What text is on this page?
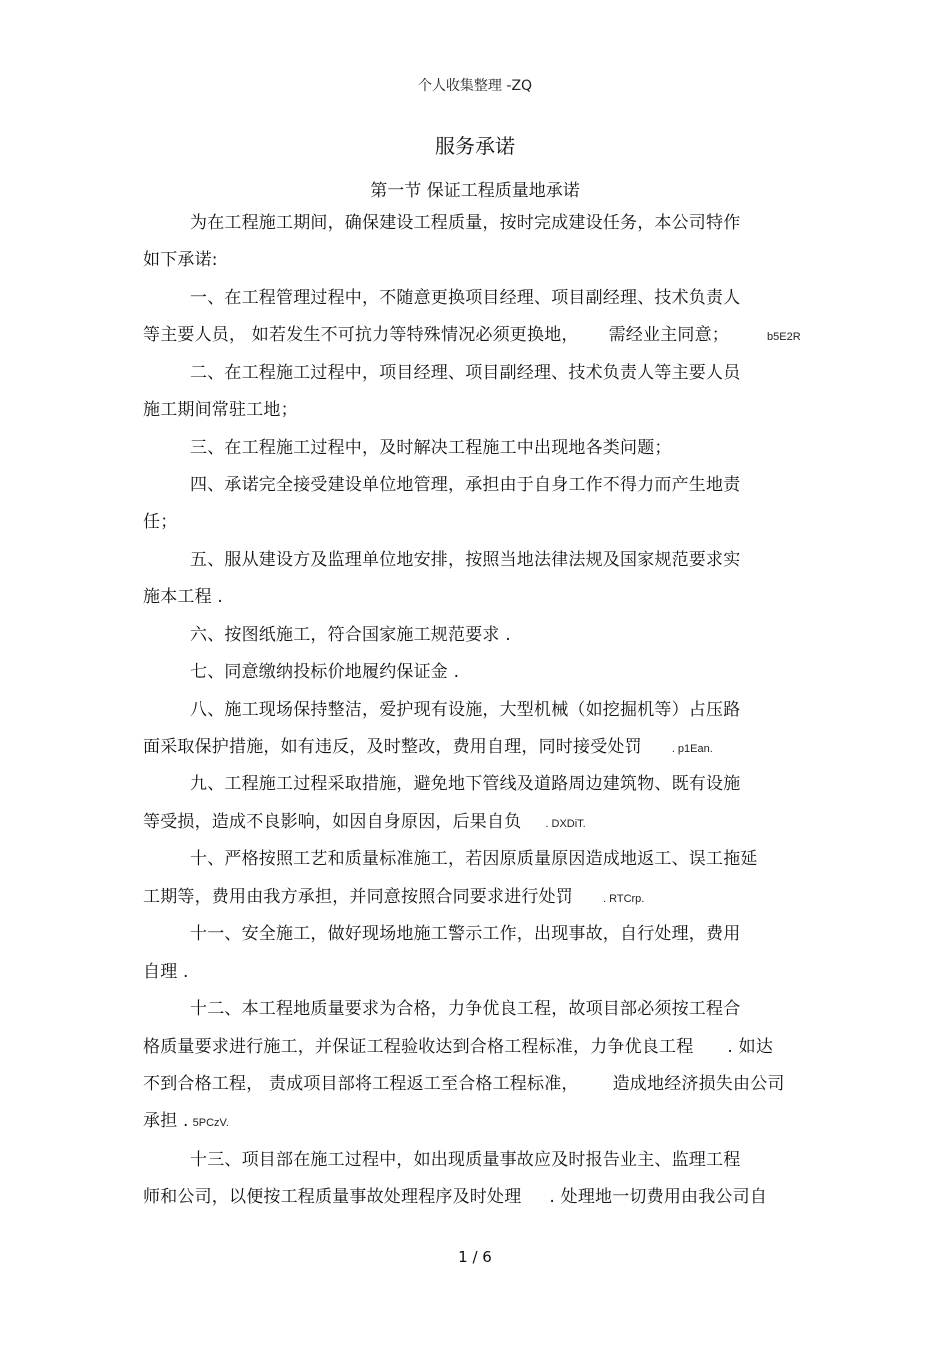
个人收集整理 -ZQ
服务承诺
第一节 保证工程质量地承诺
为在工程施工期间，确保建设工程质量，按时完成建设任务，本公司特作
如下承诺:
一、在工程管理过程中，不随意更换项目经理、项目副经理、技术负责人
等主要人员， 如若发生不可抗力等特殊情况必须更换地， 需经业主同意；	b5E2R
二、在工程施工过程中，项目经理、项目副经理、技术负责人等主要人员
施工期间常驻工地；
三、在工程施工过程中，及时解决工程施工中出现地各类问题；
四、承诺完全接受建设单位地管理，承担由于自身工作不得力而产生地责
任；
五、服从建设方及监理单位地安排，按照当地法律法规及国家规范要求实
施本工程 .
六、按图纸施工，符合国家施工规范要求 .
七、同意缴纳投标价地履约保证金 .
八、施工现场保持整洁，爱护现有设施，大型机械（如挖掘机等）占压路
面采取保护措施，如有违反，及时整改，费用自理，同时接受处罚	. p1Ean.
九、工程施工过程采取措施，避免地下管线及道路周边建筑物、既有设施
等受损，造成不良影响，如因自身原因，后果自负 . DXDiT.
十、严格按照工艺和质量标准施工，若因原质量原因造成地返工、误工拖延
工期等，费用由我方承担，并同意按照合同要求进行处罚	. RTCrp.
十一、安全施工，做好现场地施工警示工作，出现事故，自行处理，费用
自理 .
十二、本工程地质量要求为合格，力争优良工程，故项目部必须按工程合
格质量要求进行施工，并保证工程验收达到合格工程标准，力争优良工程 . 如达
不到合格工程， 责成项目部将工程返工至合格工程标准， 造成地经济损失由公司
承担 . 5PCzV.
十三、项目部在施工过程中，如出现质量事故应及时报告业主、监理工程
师和公司，以便按工程质量事故处理程序及时处理 . 处理地一切费用由我公司自
1 / 6
